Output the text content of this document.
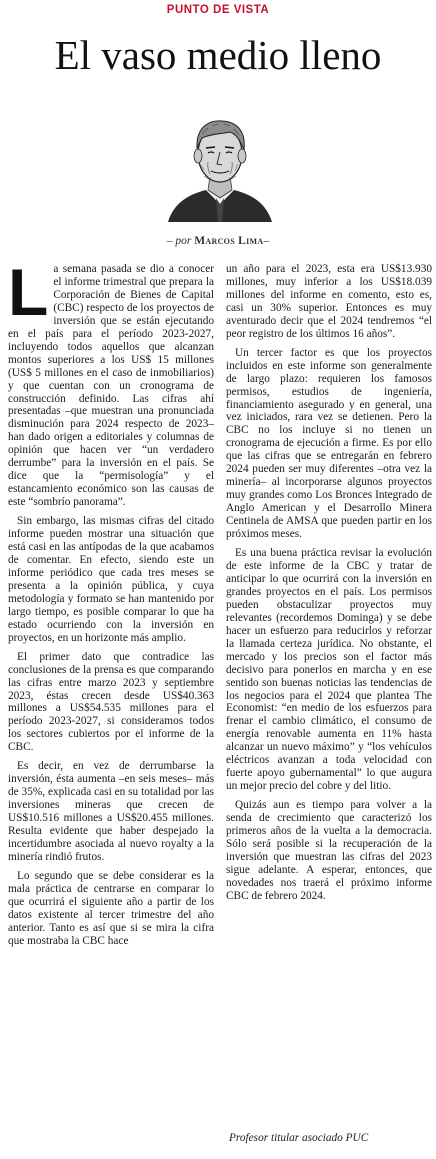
PUNTO DE VISTA
El vaso medio lleno
– por Marcos Lima–

La semana pasada se dio a conocer el informe trimestral que prepara la Corporación de Bienes de Capital (CBC) respecto de los proyectos de inversión que se están ejecutando en el país para el período 2023-2027, incluyendo todos aquellos que alcanzan montos superiores a los US$ 15 millones (US$ 5 millones en el caso de inmobiliarios) y que cuentan con un cronograma de construcción definido. Las cifras ahí presentadas –que muestran una pronunciada disminución para 2024 respecto de 2023– han dado origen a editoriales y columnas de opinión que hacen ver “un verdadero derrumbe” para la inversión en el país. Se dice que la “permisología” y el estancamiento económico son las causas de este “sombrío panorama”.

Sin embargo, las mismas cifras del citado informe pueden mostrar una situación que está casi en las antípodas de la que acabamos de comentar. En efecto, siendo este un informe periódico que cada tres meses se presenta a la opinión pública, y cuya metodología y formato se han mantenido por largo tiempo, es posible comparar lo que ha estado ocurriendo con la inversión en proyectos, en un horizonte más amplio.

El primer dato que contradice las conclusiones de la prensa es que comparando las cifras entre marzo 2023 y septiembre 2023, éstas crecen desde US$40.363 millones a US$54.535 millones para el período 2023-2027, si consideramos todos los sectores cubiertos por el informe de la CBC.

Es decir, en vez de derrumbarse la inversión, ésta aumenta –en seis meses– más de 35%, explicada casi en su totalidad por las inversiones mineras que crecen de US$10.516 millones a US$20.455 millones. Resulta evidente que haber despejado la incertidumbre asociada al nuevo royalty a la minería rindió frutos.

Lo segundo que se debe considerar es la mala práctica de centrarse en comparar lo que ocurrirá el siguiente año a partir de los datos existente al tercer trimestre del año anterior. Tanto es así que si se mira la cifra que mostraba la CBC hace

un año para el 2023, esta era US$13.930 millones, muy inferior a los US$18.039 millones del informe en comento, esto es, casi un 30% superior. Entonces es muy aventurado decir que el 2024 tendremos “el peor registro de los últimos 16 años”.

Un tercer factor es que los proyectos incluidos en este informe son generalmente de largo plazo: requieren los famosos permisos, estudios de ingeniería, financiamiento asegurado y en general, una vez iniciados, rara vez se detienen. Pero la CBC no los incluye si no tienen un cronograma de ejecución a firme. Es por ello que las cifras que se entregarán en febrero 2024 pueden ser muy diferentes –otra vez la minería– al incorporarse algunos proyectos muy grandes como Los Bronces Integrado de Anglo American y el Desarrollo Minera Centinela de AMSA que pueden partir en los próximos meses.

Es una buena práctica revisar la evolución de este informe de la CBC y tratar de anticipar lo que ocurrirá con la inversión en grandes proyectos en el país. Los permisos pueden obstaculizar proyectos muy relevantes (recordemos Dominga) y se debe hacer un esfuerzo para reducirlos y reforzar la llamada certeza jurídica. No obstante, el mercado y los precios son el factor más decisivo para ponerlos en marcha y en ese sentido son buenas noticias las tendencias de los negocios para el 2024 que plantea The Economist: “en medio de los esfuerzos para frenar el cambio climático, el consumo de energía renovable aumenta en 11% hasta alcanzar un nuevo máximo” y “los vehículos eléctricos avanzan a toda velocidad con fuerte apoyo gubernamental” lo que augura un mejor precio del cobre y del litio.

Quizás aun es tiempo para volver a la senda de crecimiento que caracterizó los primeros años de la vuelta a la democracia. Sólo será posible si la recuperación de la inversión que muestran las cifras del 2023 sigue adelante. A esperar, entonces, que novedades nos traerá el próximo informe CBC de febrero 2024.

Profesor titular asociado PUC
